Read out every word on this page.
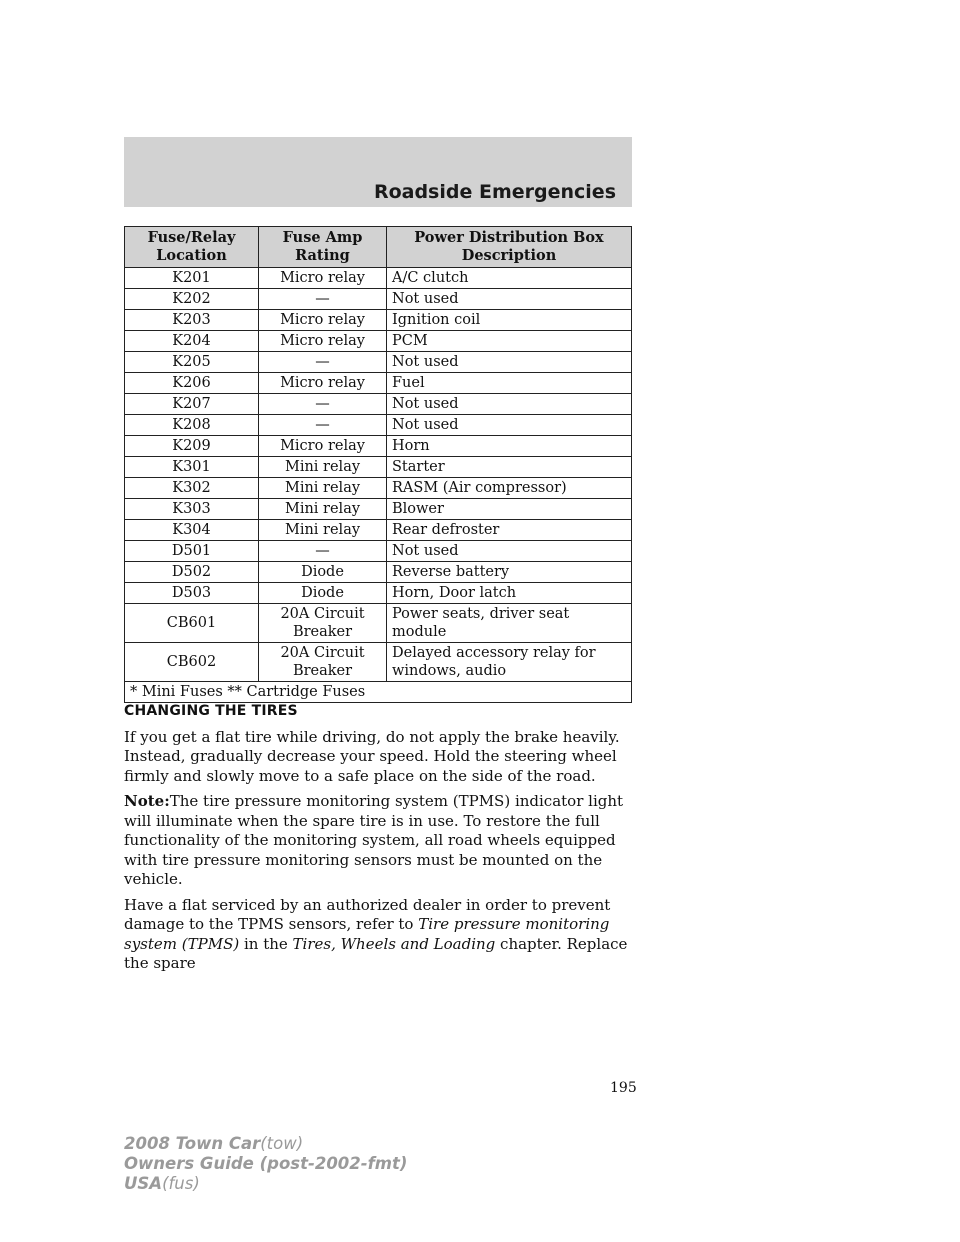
Roadside Emergencies
Fuse/Relay Location	Fuse Amp Rating	Power Distribution Box Description
K201	Micro relay	A/C clutch
K202	—	Not used
K203	Micro relay	Ignition coil
K204	Micro relay	PCM
K205	—	Not used
K206	Micro relay	Fuel
K207	—	Not used
K208	—	Not used
K209	Micro relay	Horn
K301	Mini relay	Starter
K302	Mini relay	RASM (Air compressor)
K303	Mini relay	Blower
K304	Mini relay	Rear defroster
D501	—	Not used
D502	Diode	Reverse battery
D503	Diode	Horn, Door latch
CB601	20A Circuit Breaker	Power seats, driver seat module
CB602	20A Circuit Breaker	Delayed accessory relay for windows, audio
* Mini Fuses ** Cartridge Fuses		
CHANGING THE TIRES

If you get a flat tire while driving, do not apply the brake heavily. Instead, gradually decrease your speed. Hold the steering wheel firmly and slowly move to a safe place on the side of the road.

Note:The tire pressure monitoring system (TPMS) indicator light will illuminate when the spare tire is in use. To restore the full functionality of the monitoring system, all road wheels equipped with tire pressure monitoring sensors must be mounted on the vehicle.

Have a flat serviced by an authorized dealer in order to prevent damage to the TPMS sensors, refer to Tire pressure monitoring system (TPMS) in the Tires, Wheels and Loading chapter. Replace the spare

195
2008 Town Car(tow)
Owners Guide (post-2002-fmt)
USA(fus)
